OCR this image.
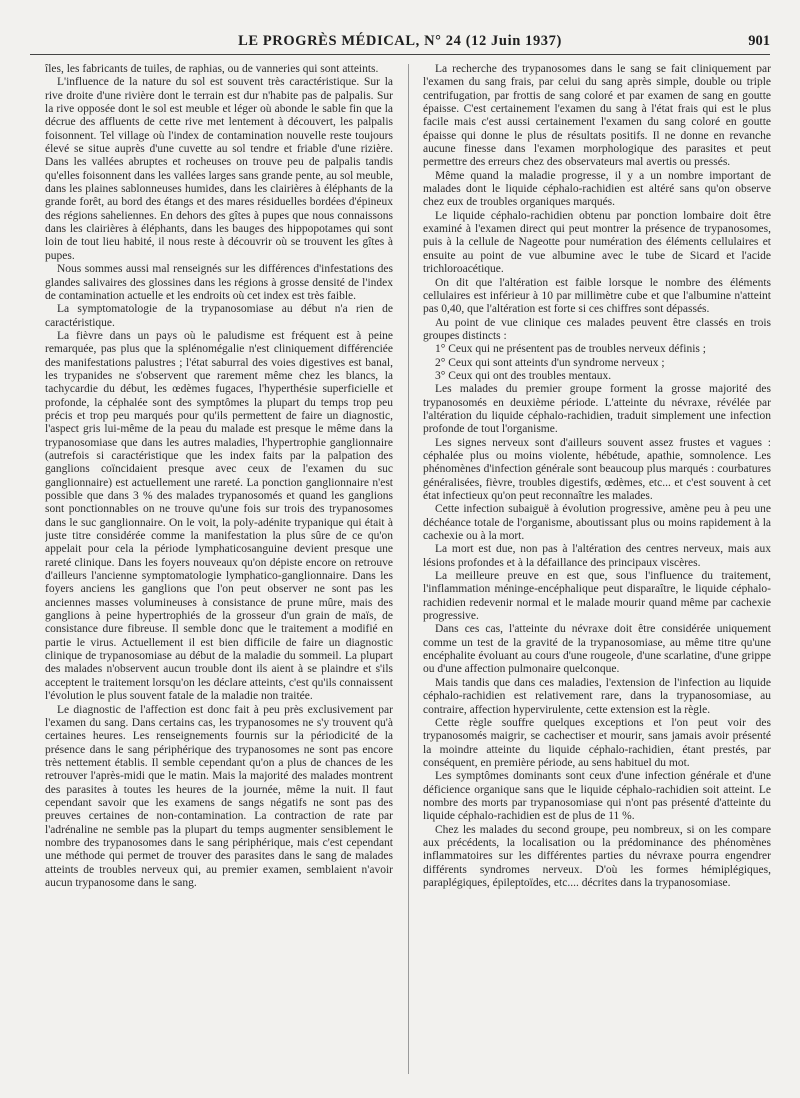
LE PROGRÈS MÉDICAL, N° 24 (12 Juin 1937)	901

îles, les fabricants de tuiles, de raphias, ou de vanneries qui sont atteints.

L'influence de la nature du sol est souvent très caractéristique. Sur la rive droite d'une rivière dont le terrain est dur n'habite pas de palpalis. Sur la rive opposée dont le sol est meuble et léger où abonde le sable fin que la décrue des affluents de cette rive met lentement à découvert, les palpalis foisonnent. Tel village où l'index de contamination nouvelle reste toujours élevé se situe auprès d'une cuvette au sol tendre et friable d'une rizière. Dans les vallées abruptes et rocheuses on trouve peu de palpalis tandis qu'elles foisonnent dans les vallées larges sans grande pente, au sol meuble, dans les plaines sablonneuses humides, dans les clairières à éléphants de la grande forêt, au bord des étangs et des mares résiduelles bordées d'épineux des régions saheliennes. En dehors des gîtes à pupes que nous connaissons dans les clairières à éléphants, dans les bauges des hippopotames qui sont loin de tout lieu habité, il nous reste à découvrir où se trouvent les gîtes à pupes.

Nous sommes aussi mal renseignés sur les différences d'infestations des glandes salivaires des glossines dans les régions à grosse densité de l'index de contamination actuelle et les endroits où cet index est très faible.

La symptomatologie de la trypanosomiase au début n'a rien de caractéristique.

La fièvre dans un pays où le paludisme est fréquent est à peine remarquée, pas plus que la splénomégalie n'est cliniquement différenciée des manifestations palustres ; l'état saburral des voies digestives est banal, les trypanides ne s'observent que rarement même chez les blancs, la tachycardie du début, les œdèmes fugaces, l'hyperthésie superficielle et profonde, la céphalée sont des symptômes la plupart du temps trop peu précis et trop peu marqués pour qu'ils permettent de faire un diagnostic, l'aspect gris lui-même de la peau du malade est presque le même dans la trypanosomiase que dans les autres maladies, l'hypertrophie ganglionnaire (autrefois si caractéristique que les index faits par la palpation des ganglions coïncidaient presque avec ceux de l'examen du suc ganglionnaire) est actuellement une rareté. La ponction ganglionnaire n'est possible que dans 3 % des malades trypanosomés et quand les ganglions sont ponctionnables on ne trouve qu'une fois sur trois des trypanosomes dans le suc ganglionnaire. On le voit, la poly-adénite trypanique qui était à juste titre considérée comme la manifestation la plus sûre de ce qu'on appelait pour cela la période lymphaticosanguine devient presque une rareté clinique. Dans les foyers nouveaux qu'on dépiste encore on retrouve d'ailleurs l'ancienne symptomatologie lymphatico-ganglionnaire. Dans les foyers anciens les ganglions que l'on peut observer ne sont pas les anciennes masses volumineuses à consistance de prune mûre, mais des ganglions à peine hypertrophiés de la grosseur d'un grain de maïs, de consistance dure fibreuse. Il semble donc que le traitement a modifié en partie le virus. Actuellement il est bien difficile de faire un diagnostic clinique de trypanosomiase au début de la maladie du sommeil. La plupart des malades n'observent aucun trouble dont ils aient à se plaindre et s'ils acceptent le traitement lorsqu'on les déclare atteints, c'est qu'ils connaissent l'évolution le plus souvent fatale de la maladie non traitée.

Le diagnostic de l'affection est donc fait à peu près exclusivement par l'examen du sang. Dans certains cas, les trypanosomes ne s'y trouvent qu'à certaines heures. Les renseignements fournis sur la périodicité de la présence dans le sang périphérique des trypanosomes ne sont pas encore très nettement établis. Il semble cependant qu'on a plus de chances de les retrouver l'après-midi que le matin. Mais la majorité des malades montrent des parasites à toutes les heures de la journée, même la nuit. Il faut cependant savoir que les examens de sangs négatifs ne sont pas des preuves certaines de non-contamination. La contraction de rate par l'adrénaline ne semble pas la plupart du temps augmenter sensiblement le nombre des trypanosomes dans le sang périphérique, mais c'est cependant une méthode qui permet de trouver des parasites dans le sang de malades atteints de troubles nerveux qui, au premier examen, semblaient n'avoir aucun trypanosome dans le sang.

La recherche des trypanosomes dans le sang se fait cliniquement par l'examen du sang frais, par celui du sang après simple, double ou triple centrifugation, par frottis de sang coloré et par examen de sang en goutte épaisse. C'est certainement l'examen du sang à l'état frais qui est le plus facile mais c'est aussi certainement l'examen du sang coloré en goutte épaisse qui donne le plus de résultats positifs. Il ne donne en revanche aucune finesse dans l'examen morphologique des parasites et peut permettre des erreurs chez des observateurs mal avertis ou pressés.

Même quand la maladie progresse, il y a un nombre important de malades dont le liquide céphalo-rachidien est altéré sans qu'on observe chez eux de troubles organiques marqués.

Le liquide céphalo-rachidien obtenu par ponction lombaire doit être examiné à l'examen direct qui peut montrer la présence de trypanosomes, puis à la cellule de Nageotte pour numération des éléments cellulaires et ensuite au point de vue albumine avec le tube de Sicard et l'acide trichloroacétique.

On dit que l'altération est faible lorsque le nombre des éléments cellulaires est inférieur à 10 par millimètre cube et que l'albumine n'atteint pas 0,40, que l'altération est forte si ces chiffres sont dépassés.

Au point de vue clinique ces malades peuvent être classés en trois groupes distincts :

1° Ceux qui ne présentent pas de troubles nerveux définis ;

2° Ceux qui sont atteints d'un syndrome nerveux ;

3° Ceux qui ont des troubles mentaux.

Les malades du premier groupe forment la grosse majorité des trypanosomés en deuxième période. L'atteinte du névraxe, révélée par l'altération du liquide céphalo-rachidien, traduit simplement une infection profonde de tout l'organisme.

Les signes nerveux sont d'ailleurs souvent assez frustes et vagues : céphalée plus ou moins violente, hébétude, apathie, somnolence. Les phénomènes d'infection générale sont beaucoup plus marqués : courbatures généralisées, fièvre, troubles digestifs, œdèmes, etc... et c'est souvent à cet état infectieux qu'on peut reconnaître les malades.

Cette infection subaiguë à évolution progressive, amène peu à peu une déchéance totale de l'organisme, aboutissant plus ou moins rapidement à la cachexie ou à la mort.

La mort est due, non pas à l'altération des centres nerveux, mais aux lésions profondes et à la défaillance des principaux viscères.

La meilleure preuve en est que, sous l'influence du traitement, l'inflammation méninge-encéphalique peut disparaître, le liquide céphalo-rachidien redevenir normal et le malade mourir quand même par cachexie progressive.

Dans ces cas, l'atteinte du névraxe doit être considérée uniquement comme un test de la gravité de la trypanosomiase, au même titre qu'une encéphalite évoluant au cours d'une rougeole, d'une scarlatine, d'une grippe ou d'une affection pulmonaire quelconque.

Mais tandis que dans ces maladies, l'extension de l'infection au liquide céphalo-rachidien est relativement rare, dans la trypanosomiase, au contraire, affection hypervirulente, cette extension est la règle.

Cette règle souffre quelques exceptions et l'on peut voir des trypanosomés maigrir, se cachectiser et mourir, sans jamais avoir présenté la moindre atteinte du liquide céphalo-rachidien, étant prestés, par conséquent, en première période, au sens habituel du mot.

Les symptômes dominants sont ceux d'une infection générale et d'une déficience organique sans que le liquide céphalo-rachidien soit atteint. Le nombre des morts par trypanosomiase qui n'ont pas présenté d'atteinte du liquide céphalo-rachidien est de plus de 11 %.

Chez les malades du second groupe, peu nombreux, si on les compare aux précédents, la localisation ou la prédominance des phénomènes inflammatoires sur les différentes parties du névraxe pourra engendrer différents syndromes nerveux. D'où les formes hémiplégiques, paraplégiques, épileptoïdes, etc.... décrites dans la trypanosomiase.
